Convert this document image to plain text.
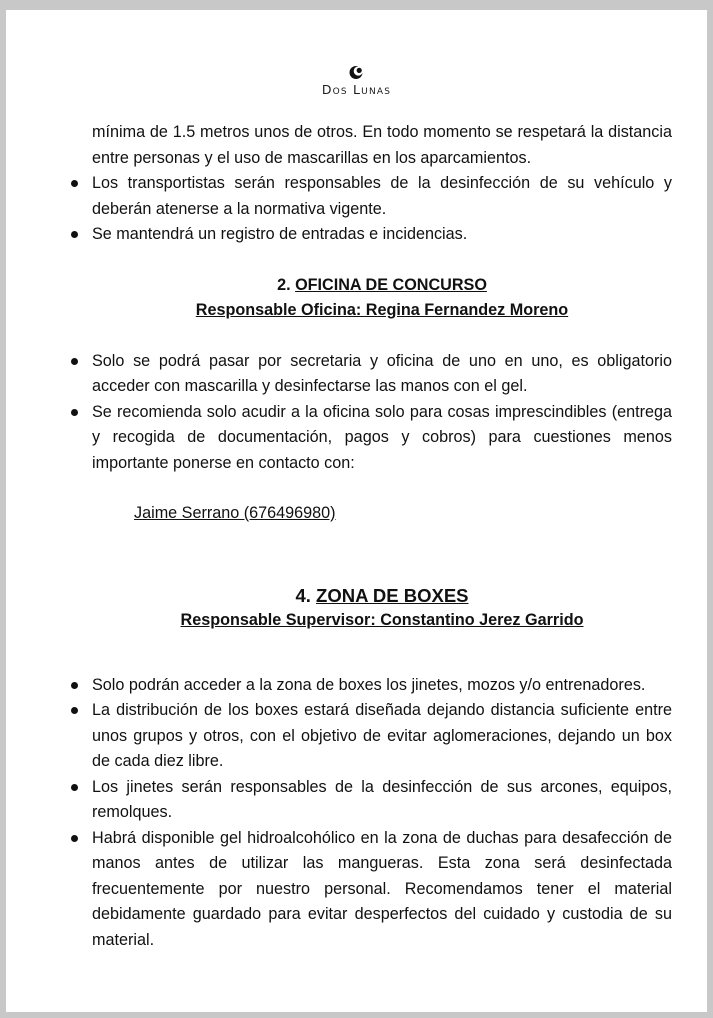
Dos Lunas

mínima de 1.5 metros unos de otros. En todo momento se respetará la distancia entre personas y el uso de mascarillas en los aparcamientos.

Los transportistas serán responsables de la desinfección de su vehículo y deberán atenerse a la normativa vigente.
Se mantendrá un registro de entradas e incidencias.

2. OFICINA DE CONCURSO

Responsable Oficina: Regina Fernandez Moreno

Solo se podrá pasar por secretaria y oficina de uno en uno, es obligatorio acceder con mascarilla y desinfectarse las manos con el gel.
Se recomienda solo acudir a la oficina solo para cosas imprescindibles (entrega y recogida de documentación, pagos y cobros) para cuestiones menos importante ponerse en contacto con:

Jaime Serrano (676496980)

4. ZONA DE BOXES

Responsable Supervisor: Constantino Jerez Garrido

Solo podrán acceder a la zona de boxes los jinetes, mozos y/o entrenadores.
La distribución de los boxes estará diseñada dejando distancia suficiente entre unos grupos y otros, con el objetivo de evitar aglomeraciones, dejando un box de cada diez libre.
Los jinetes serán responsables de la desinfección de sus arcones, equipos, remolques.
Habrá disponible gel hidroalcohólico en la zona de duchas para desafección de manos antes de utilizar las mangueras. Esta zona será desinfectada frecuentemente por nuestro personal. Recomendamos tener el material debidamente guardado para evitar desperfectos del cuidado y custodia de su material.
